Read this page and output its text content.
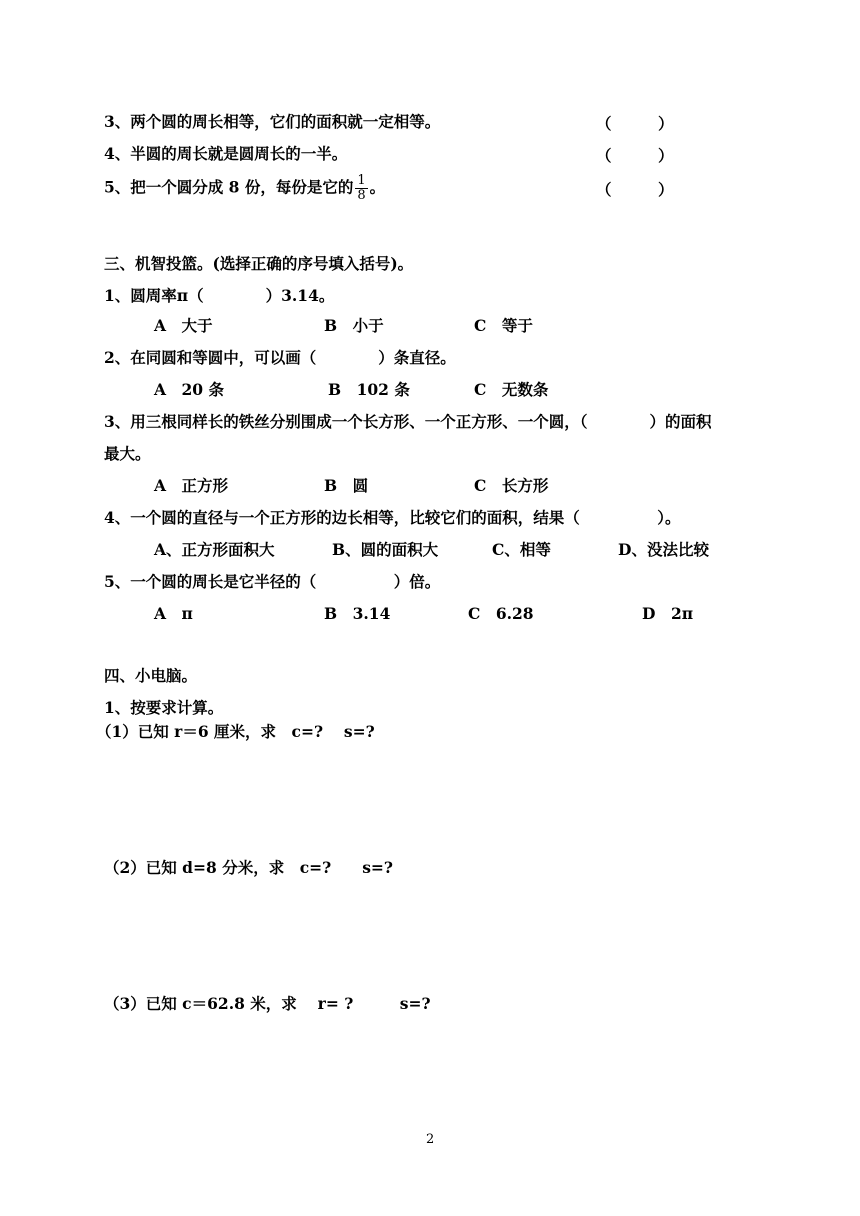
3、两个圆的周长相等，它们的面积就一定相等。	（　　　）
4、半圆的周长就是圆周长的一半。	（　　　）
5、把一个圆分成 8 份，每份是它的 $\frac{1}{8}$ 。	（　　　）
三、机智投篮。(选择正确的序号填入括号)。
1、圆周率π（　　　　）3.14。
A　大于	B　小于	C　等于
2、在同圆和等圆中，可以画（　　　　）条直径。
A　20 条	B　102 条	C　无数条
3、用三根同样长的铁丝分别围成一个长方形、一个正方形、一个圆，（　　　　）的面积
最大。
A　正方形	B　圆	C　长方形
4、一个圆的直径与一个正方形的边长相等，比较它们的面积，结果（　　　　　）。
A、正方形面积大	B、圆的面积大	C、相等	D、没法比较
5、一个圆的周长是它半径的（　　　　　）倍。
A　π	B　3.14	C　6.28	D　2π
四、小电脑。
1、按要求计算。
（1）已知 r＝6 厘米，求　c=?　 s=?
（2）已知 d=8 分米，求　c=?　　s=?
（3）已知 c＝62.8 米，求　 r= ?　　　s=?
2
